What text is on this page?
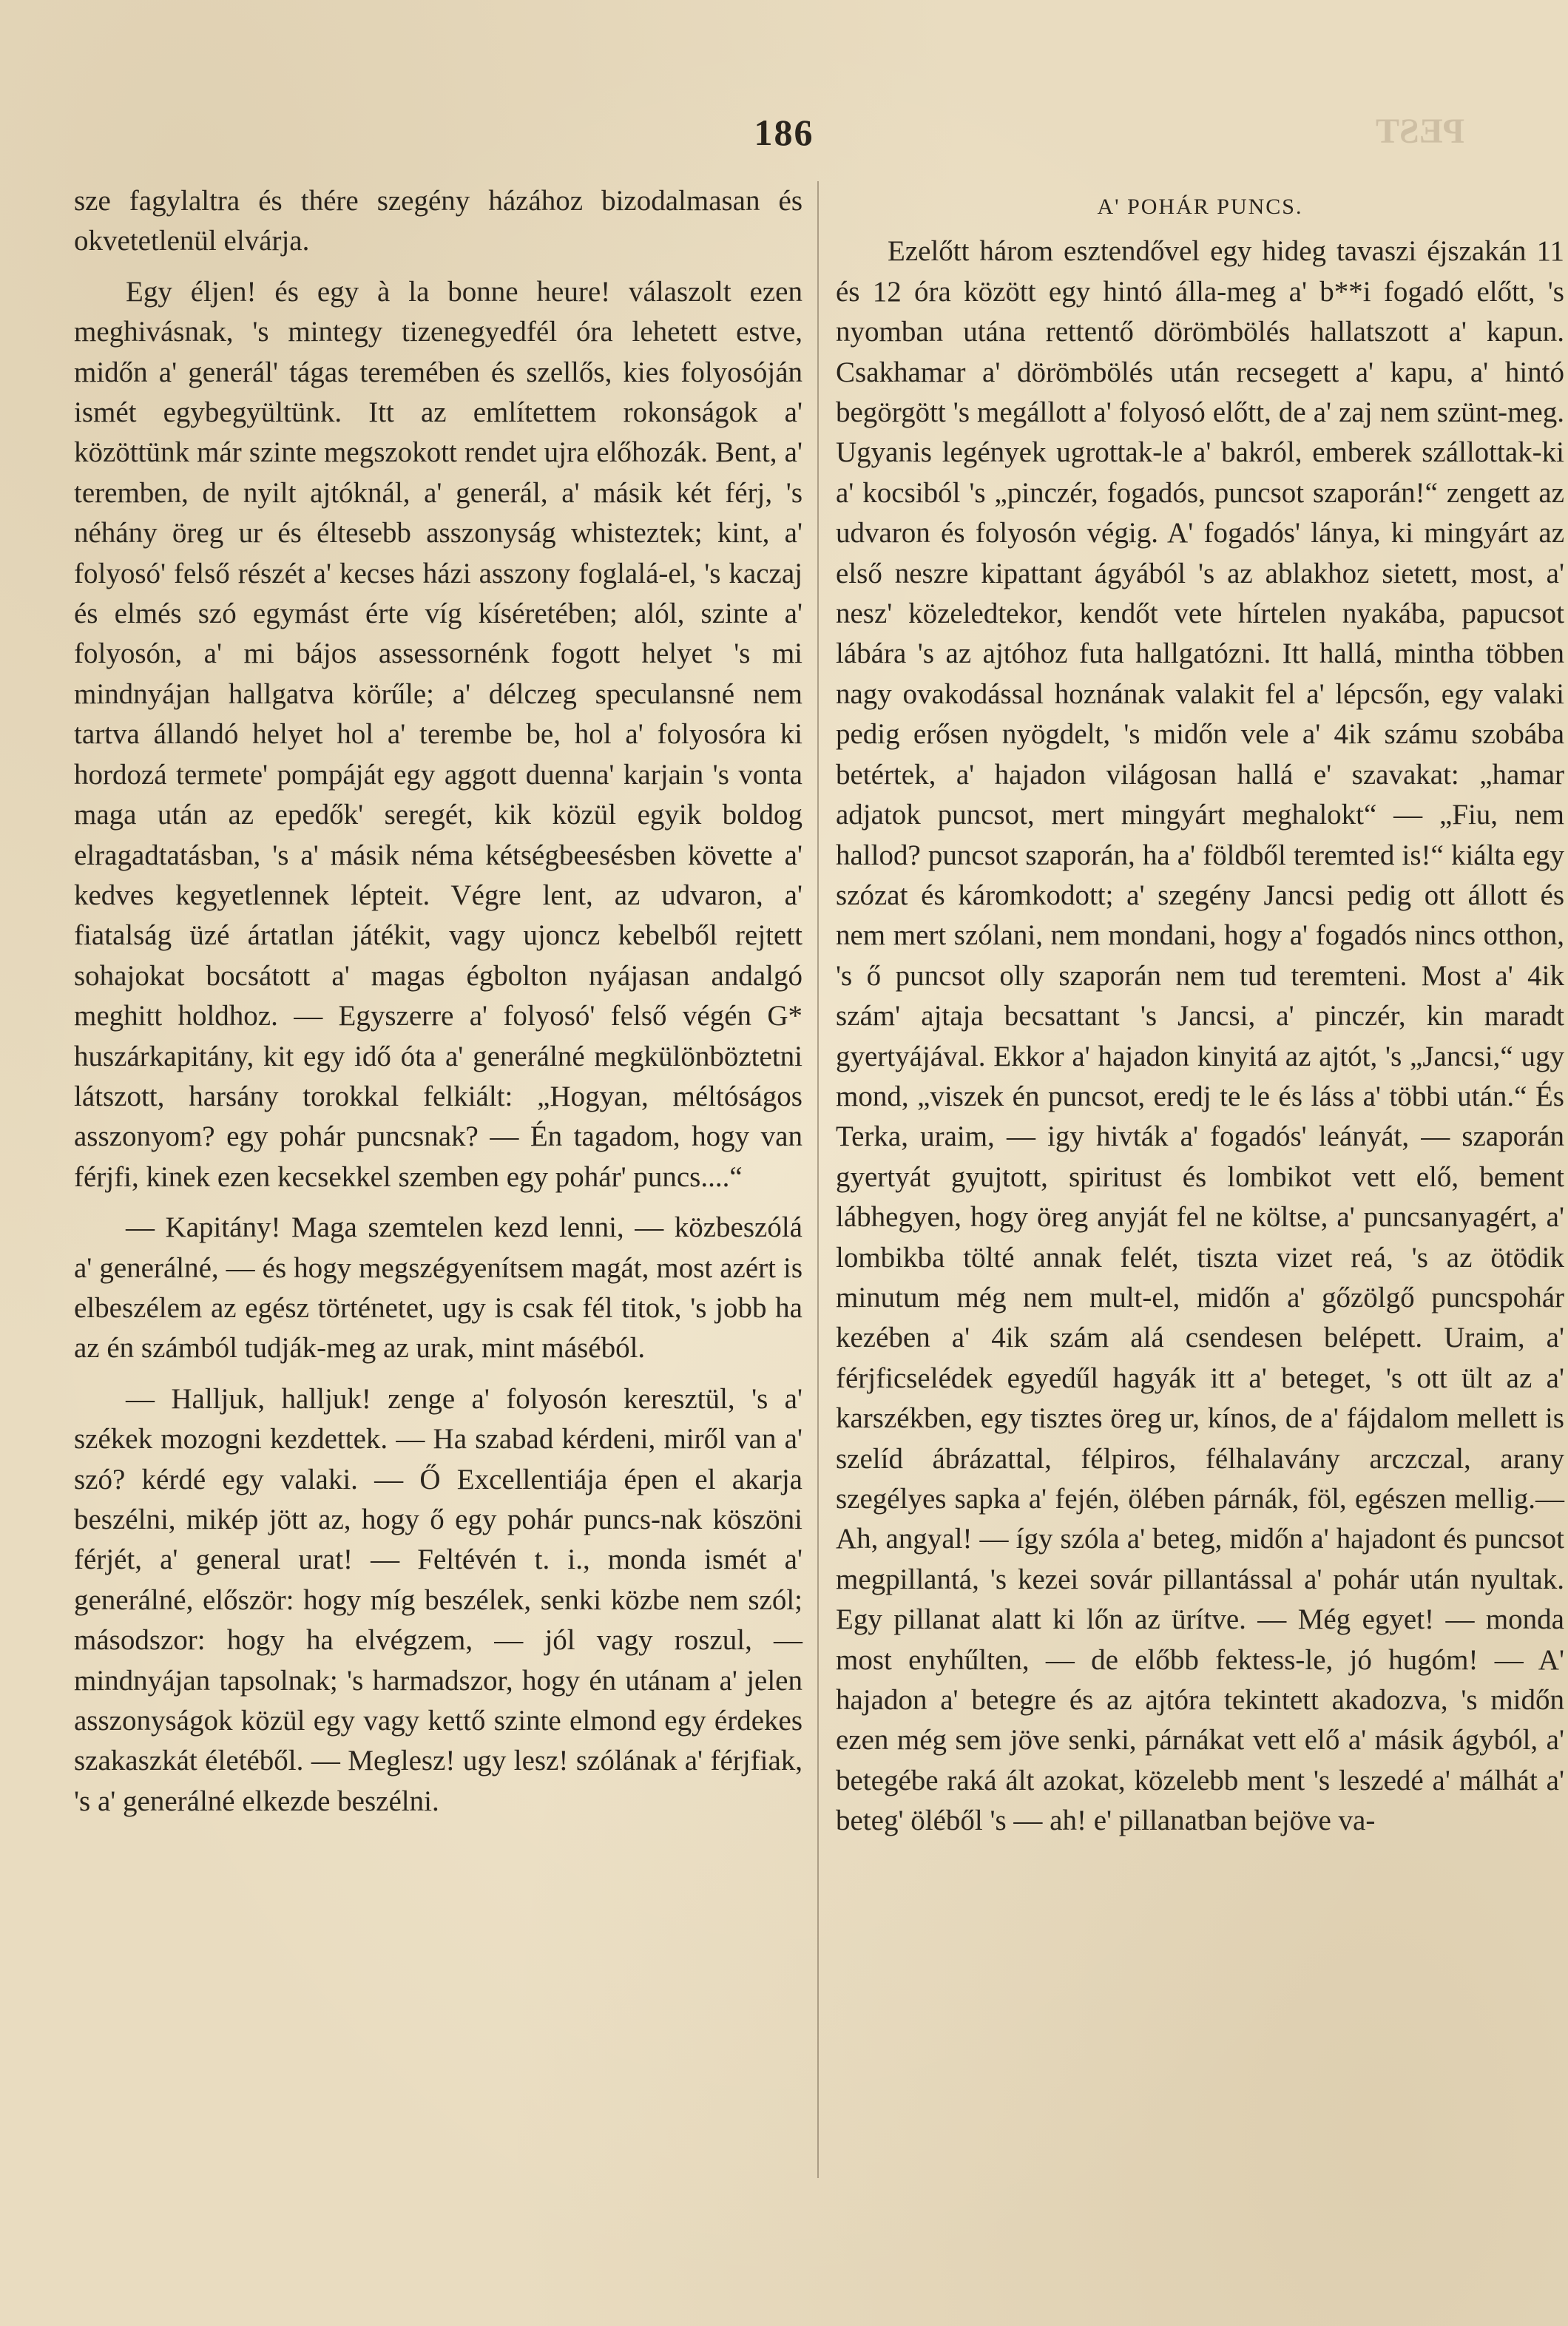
PEST
186

sze fagylaltra és thére szegény házához bizodalmasan és okvetetlenül elvárja.

Egy éljen! és egy à la bonne heure! válaszolt ezen meghivásnak, 's mintegy tizenegyedfél óra lehetett estve, midőn a' generál' tágas teremében és szellős, kies folyosóján ismét egybegyültünk. Itt az említettem rokonságok a' közöttünk már szinte megszokott rendet ujra előhozák. Bent, a' teremben, de nyilt ajtóknál, a' generál, a' másik két férj, 's néhány öreg ur és éltesebb asszonyság whisteztek; kint, a' folyosó' felső részét a' kecses házi asszony foglalá-el, 's kaczaj és elmés szó egymást érte víg kíséretében; alól, szinte a' folyosón, a' mi bájos assessornénk fogott helyet 's mi mindnyájan hallgatva körűle; a' délczeg speculansné nem tartva állandó helyet hol a' terembe be, hol a' folyosóra ki hordozá termete' pompáját egy aggott duenna' karjain 's vonta maga után az epedők' seregét, kik közül egyik boldog elragadtatásban, 's a' másik néma kétségbeesésben követte a' kedves kegyetlennek lépteit. Végre lent, az udvaron, a' fiatalság üzé ártatlan játékit, vagy ujoncz kebelből rejtett sohajokat bocsátott a' magas égbolton nyájasan andalgó meghitt holdhoz. — Egyszerre a' folyosó' felső végén G* huszárkapitány, kit egy idő óta a' generálné megkülönböztetni látszott, harsány torokkal felkiált: „Hogyan, méltóságos asszonyom? egy pohár puncsnak? — Én tagadom, hogy van férjfi, kinek ezen kecsekkel szemben egy pohár' puncs....“

— Kapitány! Maga szemtelen kezd lenni, — közbeszólá a' generálné, — és hogy megszégyenítsem magát, most azért is elbeszélem az egész történetet, ugy is csak fél titok, 's jobb ha az én számból tudják-meg az urak, mint máséból.

— Halljuk, halljuk! zenge a' folyosón keresztül, 's a' székek mozogni kezdettek. — Ha szabad kérdeni, miről van a' szó? kérdé egy valaki. — Ő Excellentiája épen el akarja beszélni, mikép jött az, hogy ő egy pohár puncs-nak köszöni férjét, a' general urat! — Feltévén t. i., monda ismét a' generálné, először: hogy míg beszélek, senki közbe nem szól; másodszor: hogy ha elvégzem, — jól vagy roszul, — mindnyájan tapsolnak; 's harmadszor, hogy én utánam a' jelen asszonyságok közül egy vagy kettő szinte elmond egy érdekes szakaszkát életéből. — Meglesz! ugy lesz! szólának a' férjfiak, 's a' generálné elkezde beszélni.

A' POHÁR PUNCS.

Ezelőtt három esztendővel egy hideg tavaszi éjszakán 11 és 12 óra között egy hintó álla-meg a' b**i fogadó előtt, 's nyomban utána rettentő dörömbölés hallatszott a' kapun. Csakhamar a' dörömbölés után recsegett a' kapu, a' hintó begörgött 's megállott a' folyosó előtt, de a' zaj nem szünt-meg. Ugyanis legények ugrottak-le a' bakról, emberek szállottak-ki a' kocsiból 's „pinczér, fogadós, puncsot szaporán!“ zengett az udvaron és folyosón végig. A' fogadós' lánya, ki mingyárt az első neszre kipattant ágyából 's az ablakhoz sietett, most, a' nesz' közeledtekor, kendőt vete hírtelen nyakába, papucsot lábára 's az ajtóhoz futa hallgatózni. Itt hallá, mintha többen nagy ovakodással hoznának valakit fel a' lépcsőn, egy valaki pedig erősen nyögdelt, 's midőn vele a' 4ik számu szobába betértek, a' hajadon világosan hallá e' szavakat: „hamar adjatok puncsot, mert mingyárt meghalokt“ — „Fiu, nem hallod? puncsot szaporán, ha a' földből teremted is!“ kiálta egy szózat és káromkodott; a' szegény Jancsi pedig ott állott és nem mert szólani, nem mondani, hogy a' fogadós nincs otthon, 's ő puncsot olly szaporán nem tud teremteni. Most a' 4ik szám' ajtaja becsattant 's Jancsi, a' pinczér, kin maradt gyertyájával. Ekkor a' hajadon kinyitá az ajtót, 's „Jancsi,“ ugy mond, „viszek én puncsot, eredj te le és láss a' többi után.“ És Terka, uraim, — igy hivták a' fogadós' leányát, — szaporán gyertyát gyujtott, spiritust és lombikot vett elő, bement lábhegyen, hogy öreg anyját fel ne költse, a' puncsanyagért, a' lombikba tölté annak felét, tiszta vizet reá, 's az ötödik minutum még nem mult-el, midőn a' gőzölgő puncspohár kezében a' 4ik szám alá csendesen belépett. Uraim, a' férjficselédek egyedűl hagyák itt a' beteget, 's ott ült az a' karszékben, egy tisztes öreg ur, kínos, de a' fájdalom mellett is szelíd ábrázattal, félpiros, félhalavány arczczal, arany szegélyes sapka a' fején, ölében párnák, föl, egészen mellig.— Ah, angyal! — így szóla a' beteg, midőn a' hajadont és puncsot megpillantá, 's kezei sovár pillantással a' pohár után nyultak. Egy pillanat alatt ki lőn az ürítve. — Még egyet! — monda most enyhűlten, — de előbb fektess-le, jó hugóm! — A' hajadon a' betegre és az ajtóra tekintett akadozva, 's midőn ezen még sem jöve senki, párnákat vett elő a' másik ágyból, a' betegébe raká ált azokat, közelebb ment 's leszedé a' málhát a' beteg' öléből 's — ah! e' pillanatban bejöve va-
